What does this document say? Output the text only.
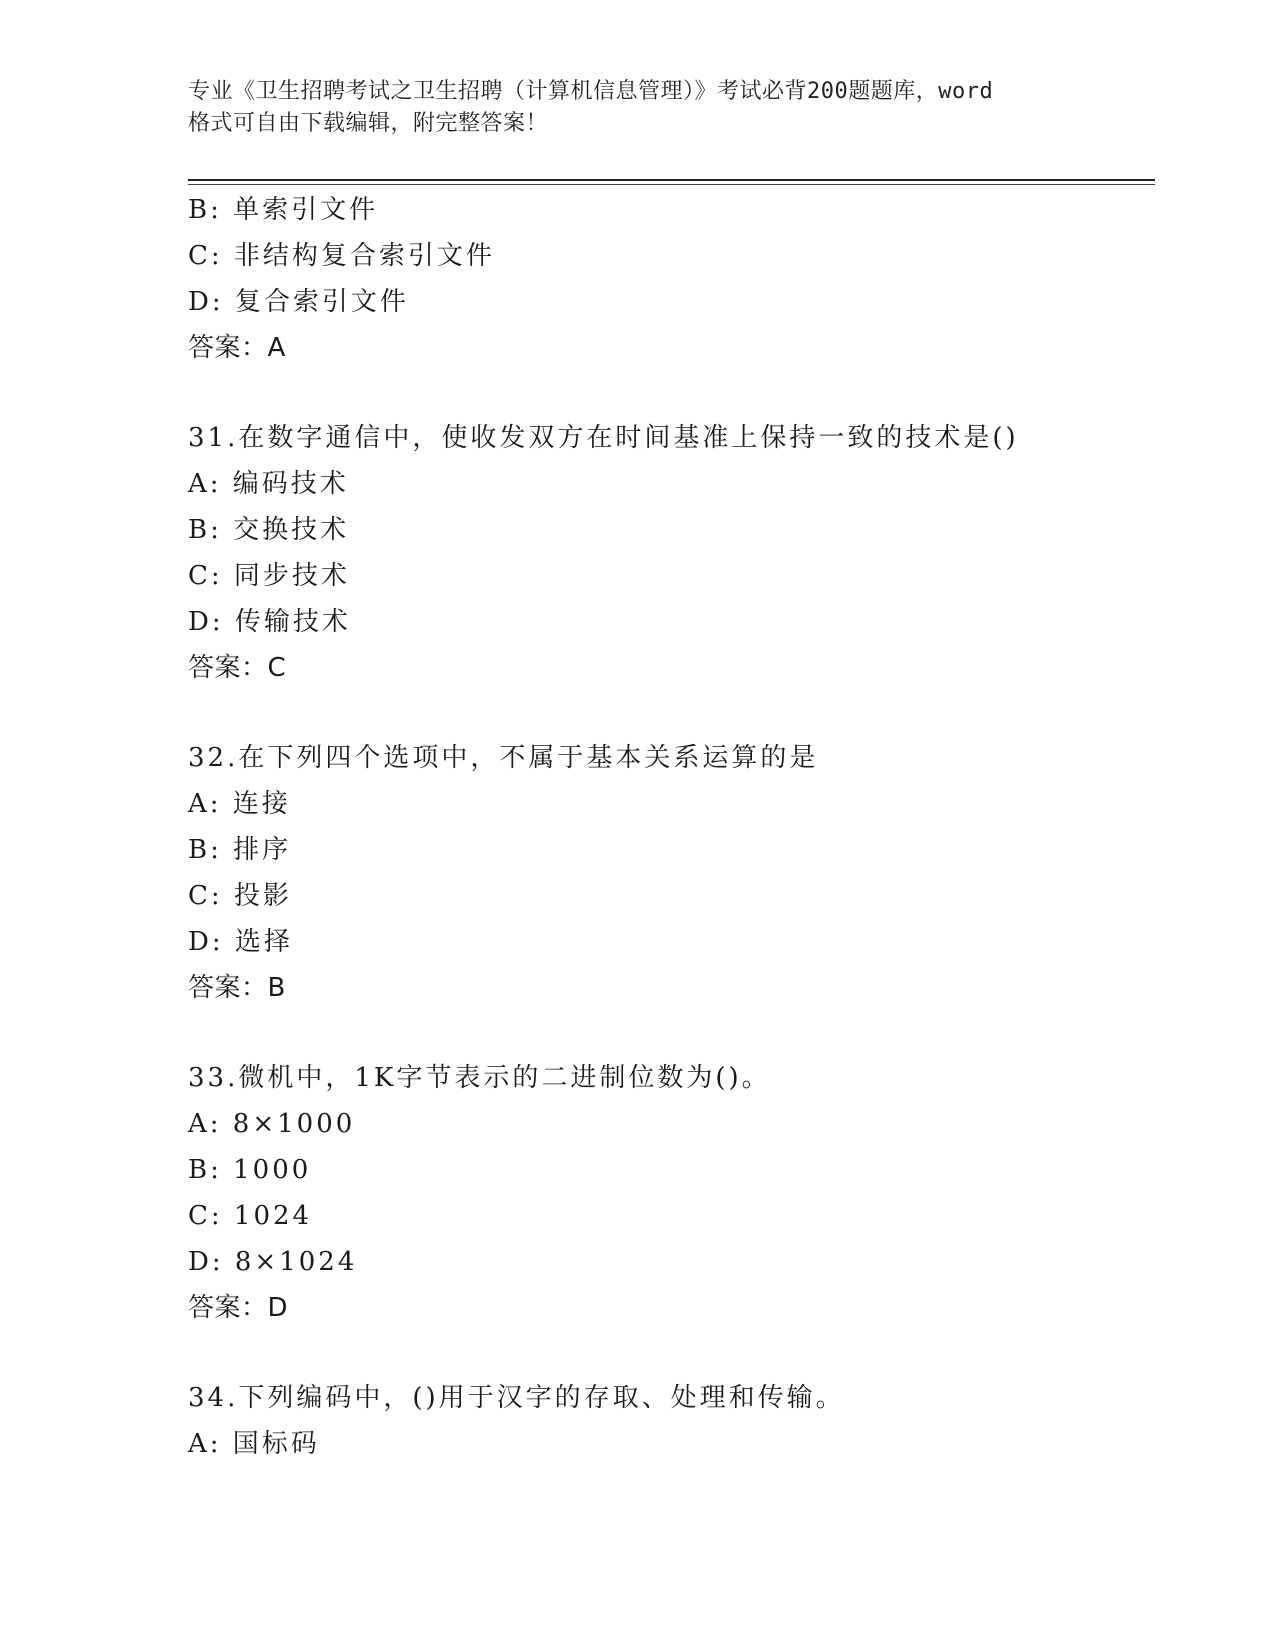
专业《卫生招聘考试之卫生招聘（计算机信息管理）》考试必背200题题库，word
格式可自由下载编辑，附完整答案！
B: 单索引文件
C: 非结构复合索引文件
D: 复合索引文件
答案：A
31.在数字通信中，使收发双方在时间基准上保持一致的技术是()
A: 编码技术
B: 交换技术
C: 同步技术
D: 传输技术
答案：C
32.在下列四个选项中，不属于基本关系运算的是
A: 连接
B: 排序
C: 投影
D: 选择
答案：B
33.微机中，1K字节表示的二进制位数为()。
A: 8×1000
B: 1000
C: 1024
D: 8×1024
答案：D
34.下列编码中，()用于汉字的存取、处理和传输。
A: 国标码
